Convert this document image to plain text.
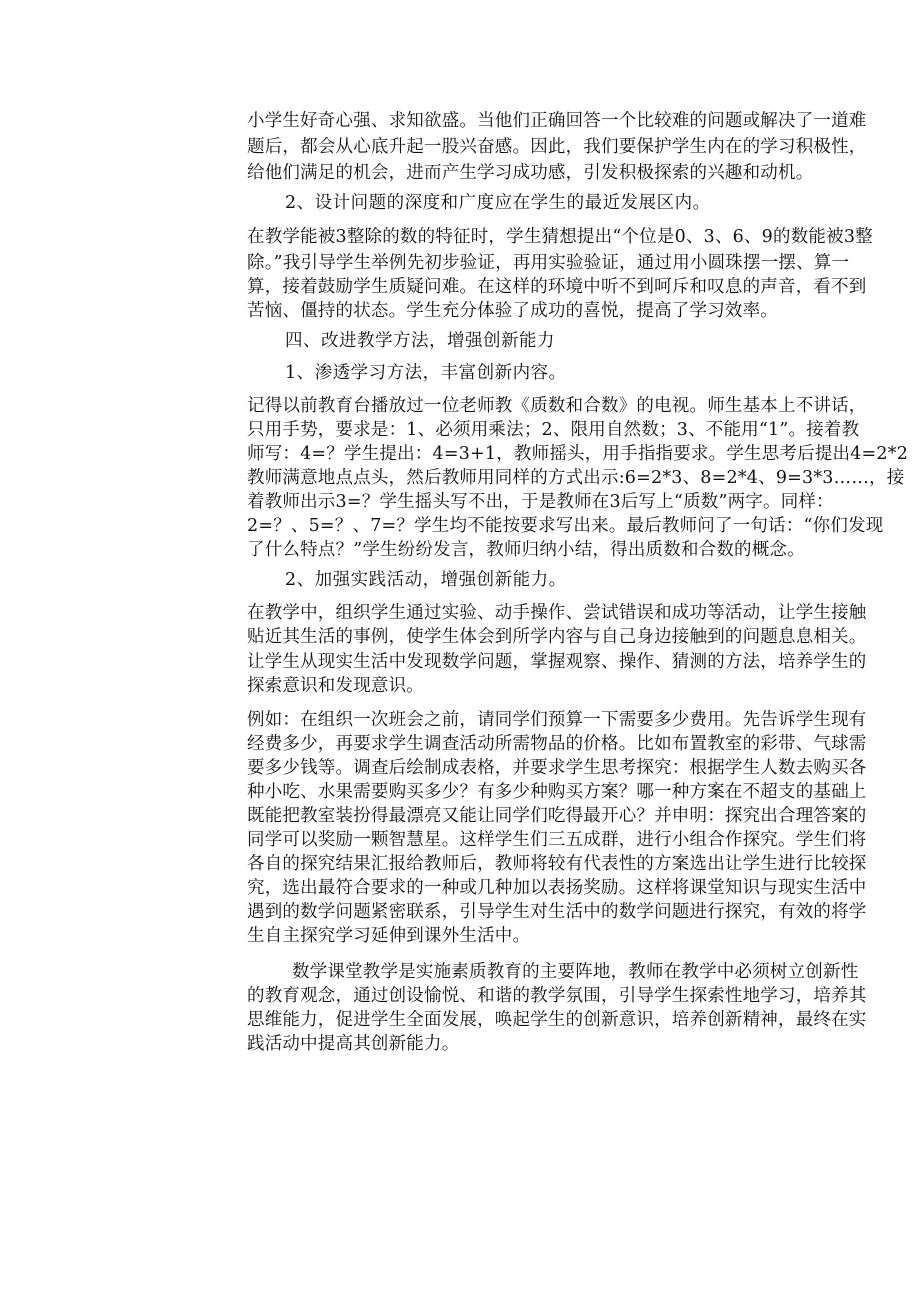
小学生好奇心强、求知欲盛。当他们正确回答一个比较难的问题或解决了一道难
题后，都会从心底升起一股兴奋感。因此，我们要保护学生内在的学习积极性，
给他们满足的机会，进而产生学习成功感，引发积极探索的兴趣和动机。
2、设计问题的深度和广度应在学生的最近发展区内。
在教学能被3整除的数的特征时，学生猜想提出“个位是0、3、6、9的数能被3整
除。”我引导学生举例先初步验证，再用实验验证，通过用小圆珠摆一摆、算一
算，接着鼓励学生质疑问难。在这样的环境中听不到呵斥和叹息的声音，看不到
苦恼、僵持的状态。学生充分体验了成功的喜悦，提高了学习效率。
四、改进教学方法，增强创新能力
1、渗透学习方法，丰富创新内容。
记得以前教育台播放过一位老师教《质数和合数》的电视。师生基本上不讲话，
只用手势，要求是：1、必须用乘法；2、限用自然数；3、不能用“1”。接着教
师写：4=？学生提出：4=3+1，教师摇头，用手指指要求。学生思考后提出4=2*2
教师满意地点点头，然后教师用同样的方式出示:6=2*3、8=2*4、9=3*3……，接
着教师出示3=？学生摇头写不出，于是教师在3后写上“质数”两字。同样：
2=？、5=？、7=？学生均不能按要求写出来。最后教师问了一句话：“你们发现
了什么特点？”学生纷纷发言，教师归纳小结，得出质数和合数的概念。
2、加强实践活动，增强创新能力。
在教学中，组织学生通过实验、动手操作、尝试错误和成功等活动，让学生接触
贴近其生活的事例，使学生体会到所学内容与自己身边接触到的问题息息相关。
让学生从现实生活中发现数学问题，掌握观察、操作、猜测的方法，培养学生的
探索意识和发现意识。
例如：在组织一次班会之前，请同学们预算一下需要多少费用。先告诉学生现有
经费多少，再要求学生调查活动所需物品的价格。比如布置教室的彩带、气球需
要多少钱等。调查后绘制成表格，并要求学生思考探究：根据学生人数去购买各
种小吃、水果需要购买多少？有多少种购买方案？哪一种方案在不超支的基础上
既能把教室装扮得最漂亮又能让同学们吃得最开心？并申明：探究出合理答案的
同学可以奖励一颗智慧星。这样学生们三五成群，进行小组合作探究。学生们将
各自的探究结果汇报给教师后，教师将较有代表性的方案选出让学生进行比较探
究，选出最符合要求的一种或几种加以表扬奖励。这样将课堂知识与现实生活中
遇到的数学问题紧密联系，引导学生对生活中的数学问题进行探究，有效的将学
生自主探究学习延伸到课外生活中。
数学课堂教学是实施素质教育的主要阵地，教师在教学中必须树立创新性
的教育观念，通过创设愉悦、和谐的教学氛围，引导学生探索性地学习，培养其
思维能力，促进学生全面发展，唤起学生的创新意识，培养创新精神，最终在实
践活动中提高其创新能力。
